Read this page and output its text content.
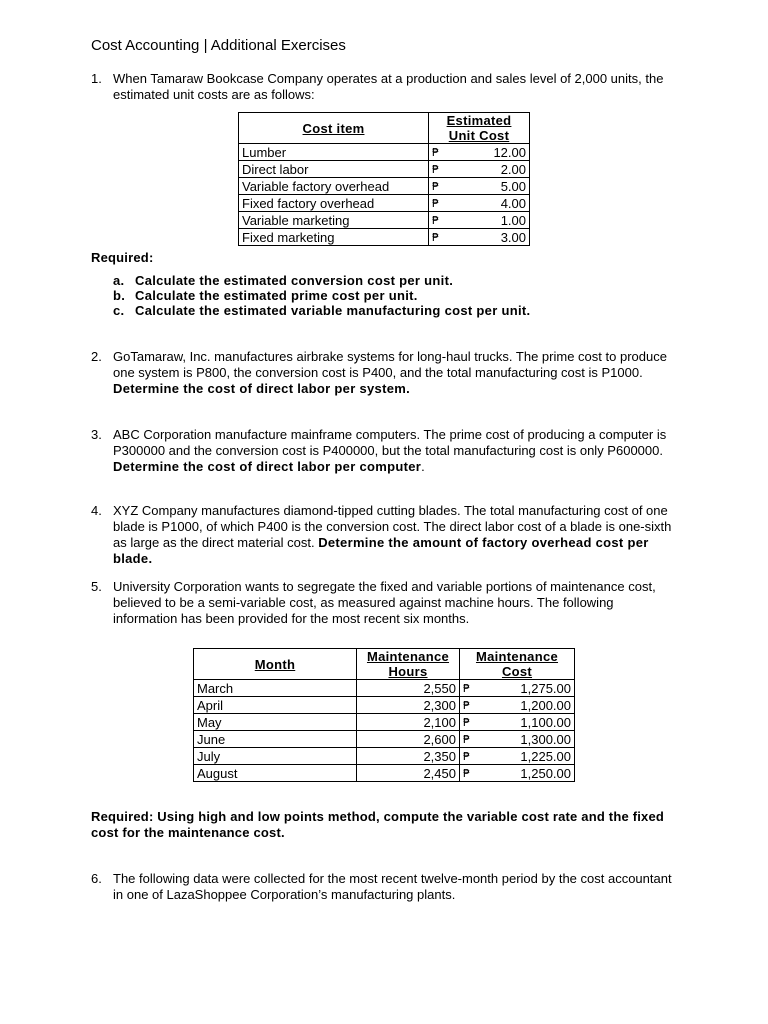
Cost Accounting | Additional Exercises
1. When Tamaraw Bookcase Company operates at a production and sales level of 2,000 units, the estimated unit costs are as follows:
Cost item	Estimated Unit Cost	
Lumber	₱	12.00
Direct labor	₱	2.00
Variable factory overhead	₱	5.00
Fixed factory overhead	₱	4.00
Variable marketing	₱	1.00
Fixed marketing	₱	3.00
Required:
a. Calculate the estimated conversion cost per unit.
b. Calculate the estimated prime cost per unit.
c. Calculate the estimated variable manufacturing cost per unit.
2. GoTamaraw, Inc. manufactures airbrake systems for long-haul trucks. The prime cost to produce one system is P800, the conversion cost is P400, and the total manufacturing cost is P1000. Determine the cost of direct labor per system.
3. ABC Corporation manufacture mainframe computers. The prime cost of producing a computer is P300000 and the conversion cost is P400000, but the total manufacturing cost is only P600000. Determine the cost of direct labor per computer.
4. XYZ Company manufactures diamond-tipped cutting blades. The total manufacturing cost of one blade is P1000, of which P400 is the conversion cost. The direct labor cost of a blade is one-sixth as large as the direct material cost. Determine the amount of factory overhead cost per blade.
5. University Corporation wants to segregate the fixed and variable portions of maintenance cost, believed to be a semi-variable cost, as measured against machine hours. The following information has been provided for the most recent six months.
Month	Maintenance Hours	Maintenance Cost	
March	2,550	₱	1,275.00
April	2,300	₱	1,200.00
May	2,100	₱	1,100.00
June	2,600	₱	1,300.00
July	2,350	₱	1,225.00
August	2,450	₱	1,250.00
Required: Using high and low points method, compute the variable cost rate and the fixed cost for the maintenance cost.
6. The following data were collected for the most recent twelve-month period by the cost accountant in one of LazaShoppee Corporation’s manufacturing plants.
